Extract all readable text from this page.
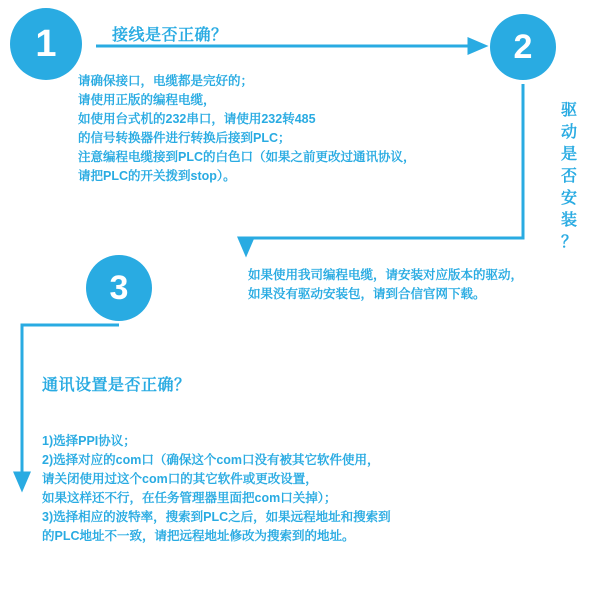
1	2
3
接线是否正确？
驱
动
是
否
安
装
？
通讯设置是否正确？
请确保接口，电缆都是完好的；
请使用正版的编程电缆，
如使用台式机的232串口，请使用232转485
的信号转换器件进行转换后接到PLC；
注意编程电缆接到PLC的白色口（如果之前更改过通讯协议，
请把PLC的开关拨到stop）。
如果使用我司编程电缆，请安装对应版本的驱动，
如果没有驱动安装包，请到合信官网下载。
1)选择PPI协议；
2)选择对应的com口（确保这个com口没有被其它软件使用，
请关闭使用过这个com口的其它软件或更改设置，
如果这样还不行，在任务管理器里面把com口关掉）；
3)选择相应的波特率，搜索到PLC之后，如果远程地址和搜索到
的PLC地址不一致，请把远程地址修改为搜索到的地址。
